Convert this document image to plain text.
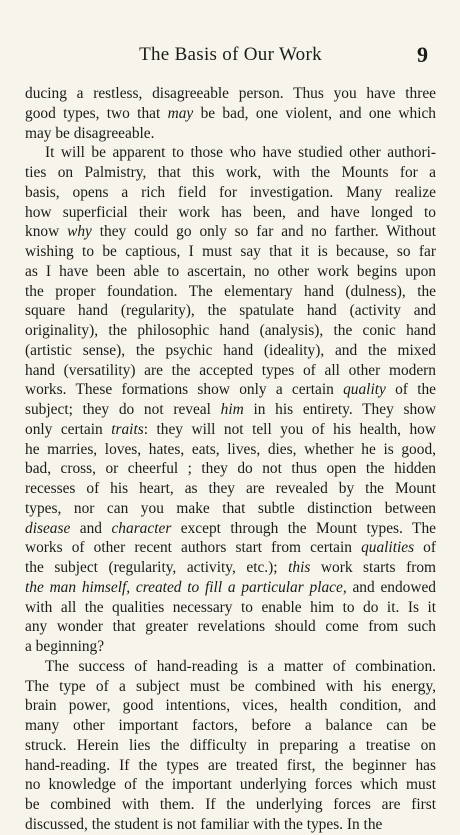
The Basis of Our Work	9

ducing a restless, disagreeable person. Thus you have three
good types, two that may be bad, one violent, and one which
may be disagreeable.

It will be apparent to those who have studied other authori-
ties on Palmistry, that this work, with the Mounts for a
basis, opens a rich field for investigation. Many realize
how superficial their work has been, and have longed to
know why they could go only so far and no farther. Without
wishing to be captious, I must say that it is because, so far
as I have been able to ascertain, no other work begins upon
the proper foundation. The elementary hand (dulness), the
square hand (regularity), the spatulate hand (activity and
originality), the philosophic hand (analysis), the conic hand
(artistic sense), the psychic hand (ideality), and the mixed
hand (versatility) are the accepted types of all other modern
works. These formations show only a certain quality of the
subject; they do not reveal him in his entirety. They show
only certain traits: they will not tell you of his health, how
he marries, loves, hates, eats, lives, dies, whether he is good,
bad, cross, or cheerful ; they do not thus open the hidden
recesses of his heart, as they are revealed by the Mount
types, nor can you make that subtle distinction between
disease and character except through the Mount types. The
works of other recent authors start from certain qualities of
the subject (regularity, activity, etc.); this work starts from
the man himself, created to fill a particular place, and endowed
with all the qualities necessary to enable him to do it. Is it
any wonder that greater revelations should come from such
a beginning?

The success of hand-reading is a matter of combination.
The type of a subject must be combined with his energy,
brain power, good intentions, vices, health condition, and
many other important factors, before a balance can be
struck. Herein lies the difficulty in preparing a treatise on
hand-reading. If the types are treated first, the beginner has
no knowledge of the important underlying forces which must
be combined with them. If the underlying forces are first
discussed, the student is not familiar with the types. In the
